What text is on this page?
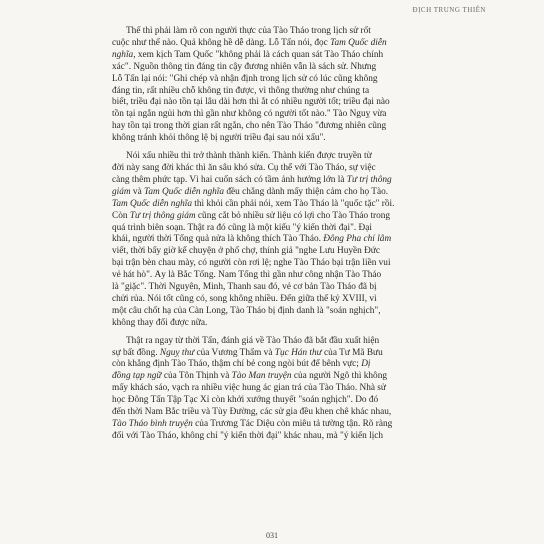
ĐỊCH TRUNG THIÊN
Thế thì phải làm rõ con người thực của Tào Tháo trong lịch sử rốt
cuộc như thế nào. Quả không hề dễ dàng. Lỗ Tấn nói, đọc Tam Quốc diễn
nghĩa, xem kịch Tam Quốc "không phải là cách quan sát Tào Tháo chính
xác". Nguồn thông tin đáng tin cậy đương nhiên vẫn là sách sử. Nhưng
Lỗ Tấn lại nói: "Ghi chép và nhận định trong lịch sử có lúc cũng không
đáng tin, rất nhiều chỗ không tin được, vì thông thường như chúng ta
biết, triều đại nào tồn tại lâu dài hơn thì ắt có nhiều người tốt; triều đại nào
tồn tại ngắn ngủi hơn thì gần như không có người tốt nào." Tào Nguỵ vừa
hay tồn tại trong thời gian rất ngắn, cho nên Tào Tháo "đương nhiên cũng
không tránh khỏi thông lệ bị người triều đại sau nói xấu".
Nói xấu nhiều thì trở thành thành kiến. Thành kiến được truyền từ
đời này sang đời khác thì ăn sâu khó sửa. Cụ thể với Tào Tháo, sự việc
càng thêm phức tạp. Vì hai cuốn sách có tầm ảnh hưởng lớn là Tư trị thông
giám và Tam Quốc diễn nghĩa đều chẳng dành mấy thiện cảm cho họ Tào.
Tam Quốc diễn nghĩa thì khỏi cần phải nói, xem Tào Tháo là "quốc tặc" rồi.
Còn Tư trị thông giám cũng cắt bỏ nhiều sử liệu có lợi cho Tào Tháo trong
quá trình biên soạn. Thật ra đó cũng là một kiểu "ý kiến thời đại". Đại
khái, người thời Tống quả nửa là không thích Tào Tháo. Đông Pha chí lâm
viết, thời bấy giờ kể chuyện ở phố chợ, thính giả "nghe Lưu Huyền Đức
bại trận bèn chau mày, có người còn rơi lệ; nghe Tào Tháo bại trận liền vui
vẻ hát hò". Ấy là Bắc Tống. Nam Tống thì gần như công nhận Tào Tháo
là "giặc". Thời Nguyên, Minh, Thanh sau đó, vẻ cơ bản Tào Tháo đã bị
chửi rủa. Nói tốt cũng có, song không nhiều. Đến giữa thế kỷ XVIII, vì
một câu chốt hạ của Càn Long, Tào Tháo bị định danh là "soán nghịch",
không thay đổi được nữa.
Thật ra ngay từ thời Tấn, đánh giá về Tào Tháo đã bắt đầu xuất hiện
sự bất đồng. Nguỵ thư của Vương Thẩm và Tục Hán thư của Tư Mã Bưu
còn khẳng định Tào Tháo, thậm chí bẻ cong ngòi bút để bênh vực; Dị
đồng tạp ngữ của Tôn Thịnh và Tào Man truyện của người Ngô thì không
mấy khách sáo, vạch ra nhiều việc hung ác gian trá của Tào Tháo. Nhà sử
học Đông Tấn Tập Tạc Xỉ còn khởi xướng thuyết "soán nghịch". Do đó
đến thời Nam Bắc triều và Tùy Đường, các sử gia đều khen chê khác nhau,
Tào Tháo bình truyện của Trương Tác Diệu còn miêu tả tường tận. Rõ ràng
đối với Tào Tháo, không chỉ "ý kiến thời đại" khác nhau, mà "ý kiến lịch
031
